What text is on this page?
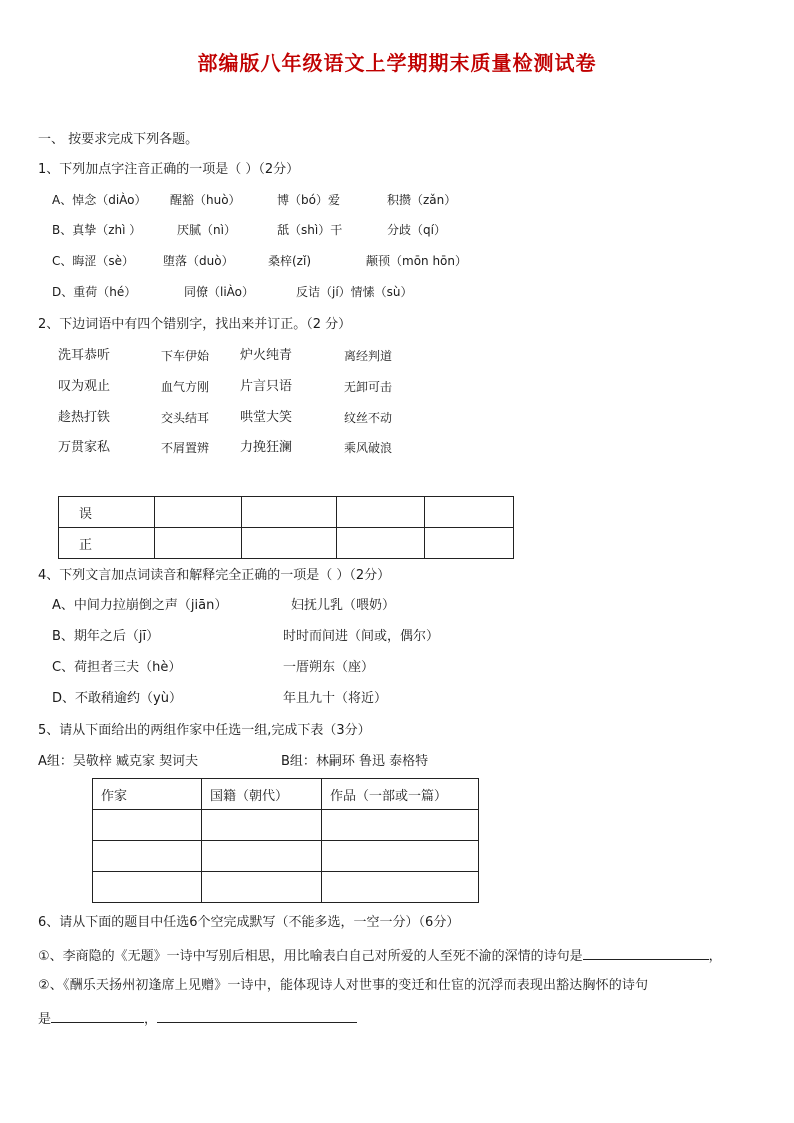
部编版八年级语文上学期期末质量检测试卷
一、 按要求完成下列各题。
1、下列加点字注音正确的一项是（ ）（2分）
A、悼念（diÀo） 醒豁（huò）	博（bó）爱	积攒（zǎn）
B、真挚（zhì ）	厌腻（nì）	舐（shì）干	分歧（qí）
C、晦涩（sè） 堕落（duò）	桑梓(zǐ)	颟顸（mōn hōn）
D、重荷（hé）	同僚（liÀo）	反诘（jí）情愫（sù）
2、下边词语中有四个错别字，找出来并订正。（2 分）
洗耳恭听	下车伊始 炉火纯青	离经判道
叹为观止	血气方刚 片言只语	无卸可击
趁热打铁	交头结耳 哄堂大笑	纹丝不动
万贯家私	不屑置辨 力挽狂澜	乘风破浪
误				
正				
4、下列文言加点词读音和解释完全正确的一项是（ ）（2分）
A、中间力拉崩倒之声（jiān）	妇抚儿乳（喂奶）
B、期年之后（jī）	时时而间进（间或，偶尔）
C、荷担者三夫（hè）	一厝朔东（座）
D、不敢稍逾约（yù）	年且九十（将近）
5、请从下面给出的两组作家中任选一组,完成下表（3分）
A组：吴敬梓 臧克家 契诃夫	B组：林嗣环 鲁迅 泰格特
作家	国籍（朝代）	作品（一部或一篇）

6、请从下面的题目中任选6个空完成默写（不能多选，一空一分）（6分）
①、李商隐的《无题》一诗中写别后相思，用比喻表白自己对所爱的人至死不渝的深情的诗句是	，
②、《酬乐天扬州初逢席上见赠》一诗中，能体现诗人对世事的变迁和仕宦的沉浮而表现出豁达胸怀的诗句
是	，
